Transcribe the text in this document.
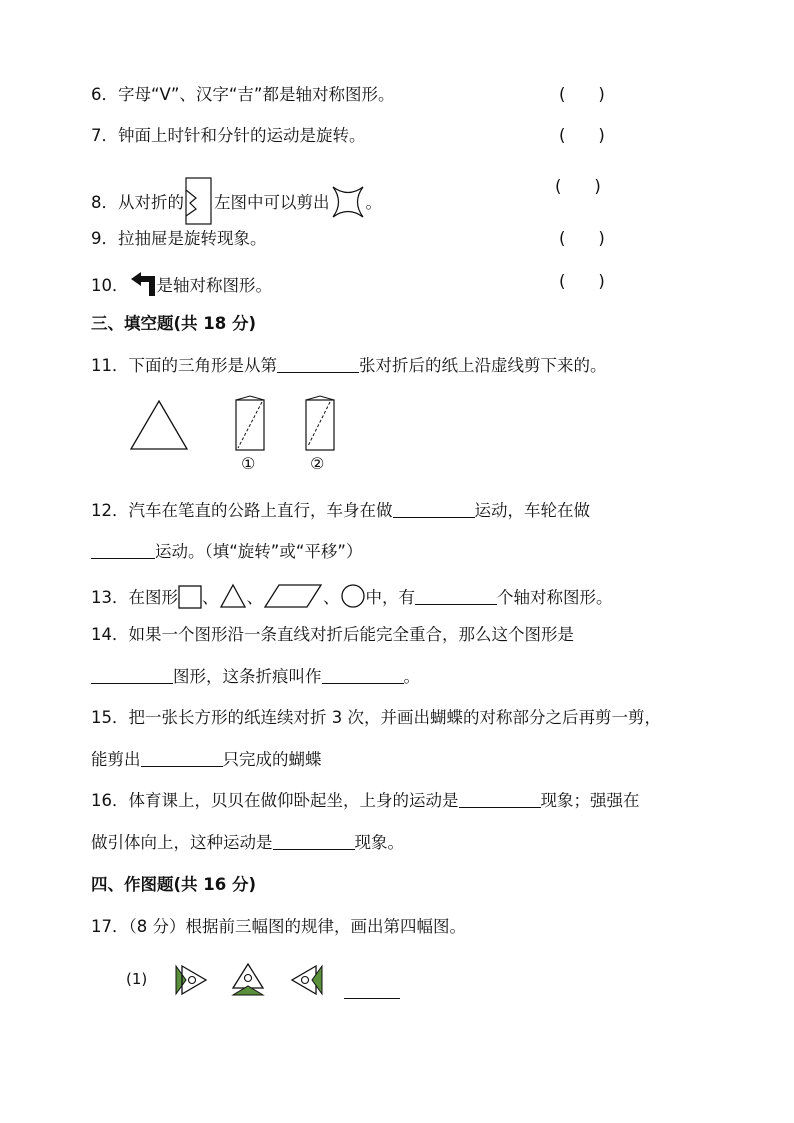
6．字母“V”、汉字“吉”都是轴对称图形。	(　　)
7．钟面上时针和分针的运动是旋转。	(　　)
8．从对折的 左图中可以剪出 。
(　　)
9．拉抽屉是旋转现象。	(　　)
10． 是轴对称图形。	(　　)
三、填空题(共 18 分)
11．下面的三角形是从第	张对折后的纸上沿虚线剪下来的。
①	②
12．汽车在笔直的公路上直行，车身在做	运动，车轮在做
运动。（填“旋转”或“平移”）
13．在图形 、 、	、 中，有	个轴对称图形。
14．如果一个图形沿一条直线对折后能完全重合，那么这个图形是
图形，这条折痕叫作	。
15．把一张长方形的纸连续对折 3 次，并画出蝴蝶的对称部分之后再剪一剪，
能剪出	只完成的蝴蝶
16．体育课上，贝贝在做仰卧起坐，上身的运动是	现象；强强在
做引体向上，这种运动是	现象。
四、作图题(共 16 分)
17．（8 分）根据前三幅图的规律，画出第四幅图。
(1)
